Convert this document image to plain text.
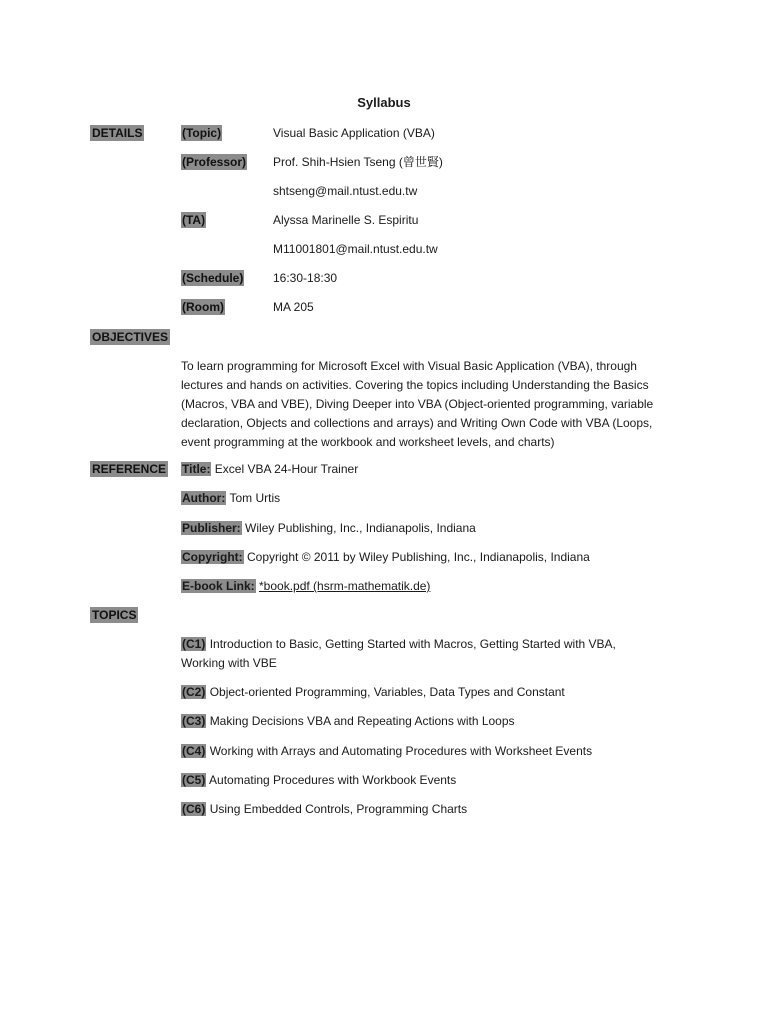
Syllabus
DETAILS	(Topic)	Visual Basic Application (VBA)
(Professor) Prof. Shih-Hsien Tseng (曾世賢)
shtseng@mail.ntust.edu.tw
(TA)	Alyssa Marinelle S. Espiritu
M11001801@mail.ntust.edu.tw
(Schedule) 16:30-18:30
(Room)	MA 205
OBJECTIVES
To learn programming for Microsoft Excel with Visual Basic Application (VBA), through lectures and hands on activities. Covering the topics including Understanding the Basics (Macros, VBA and VBE), Diving Deeper into VBA (Object-oriented programming, variable declaration, Objects and collections and arrays) and Writing Own Code with VBA (Loops, event programming at the workbook and worksheet levels, and charts)
REFERENCE Title: Excel VBA 24-Hour Trainer
Author: Tom Urtis
Publisher: Wiley Publishing, Inc., Indianapolis, Indiana
Copyright: Copyright © 2011 by Wiley Publishing, Inc., Indianapolis, Indiana
E-book Link: *book.pdf (hsrm-mathematik.de)
TOPICS
(C1) Introduction to Basic, Getting Started with Macros, Getting Started with VBA, Working with VBE
(C2) Object-oriented Programming, Variables, Data Types and Constant
(C3) Making Decisions VBA and Repeating Actions with Loops
(C4) Working with Arrays and Automating Procedures with Worksheet Events
(C5) Automating Procedures with Workbook Events
(C6) Using Embedded Controls, Programming Charts
